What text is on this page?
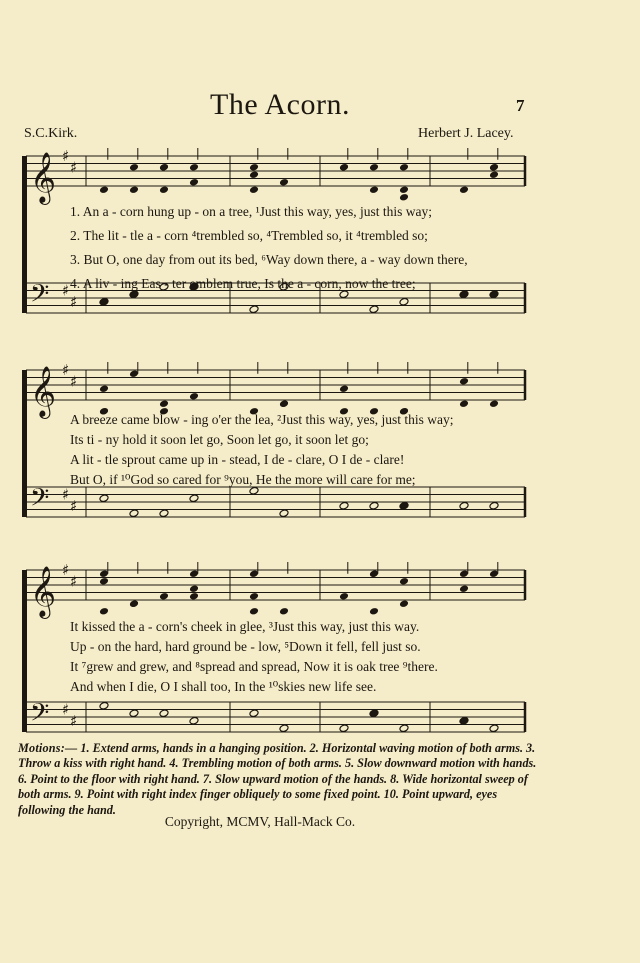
The Acorn.	7
S.C.Kirk.	Herbert J. Lacey.
𝄞
𝄢
♯
♯
♯
♯
1. An a - corn hung up - on a tree, ¹Just this way, yes, just this way;
2. The lit - tle a - corn ⁴trembled so, ⁴Trembled so, it ⁴trembled so;
3. But O, one day from out its bed, ⁶Way down there, a - way down there,
4. A liv - ing Eas - ter emblem true, Is the a - corn, now the tree;
𝄞
𝄢
♯
♯
♯
♯
A breeze came blow - ing o'er the lea, ²Just this way, yes, just this way;
Its ti - ny hold it soon let go, Soon let go, it soon let go;
A lit - tle sprout came up in - stead, I de - clare, O I de - clare!
But O, if ¹⁰God so cared for ⁹you, He the more will care for me;
𝄞
𝄢
♯
♯
♯
♯
It kissed the a - corn's cheek in glee, ³Just this way, just this way.
Up - on the hard, hard ground be - low, ⁵Down it fell, fell just so.
It ⁷grew and grew, and ⁸spread and spread, Now it is oak tree ⁹there.
And when I die, O I shall too, In the ¹⁰skies new life see.
Motions:— 1. Extend arms, hands in a hanging position. 2. Horizontal waving motion of both arms. 3. Throw a kiss with right hand. 4. Trembling motion of both arms. 5. Slow downward motion with hands. 6. Point to the floor with right hand. 7. Slow upward motion of the hands. 8. Wide horizontal sweep of both arms. 9. Point with right index finger obliquely to some fixed point. 10. Point upward, eyes following the hand.
Copyright, MCMV, Hall-Mack Co.
